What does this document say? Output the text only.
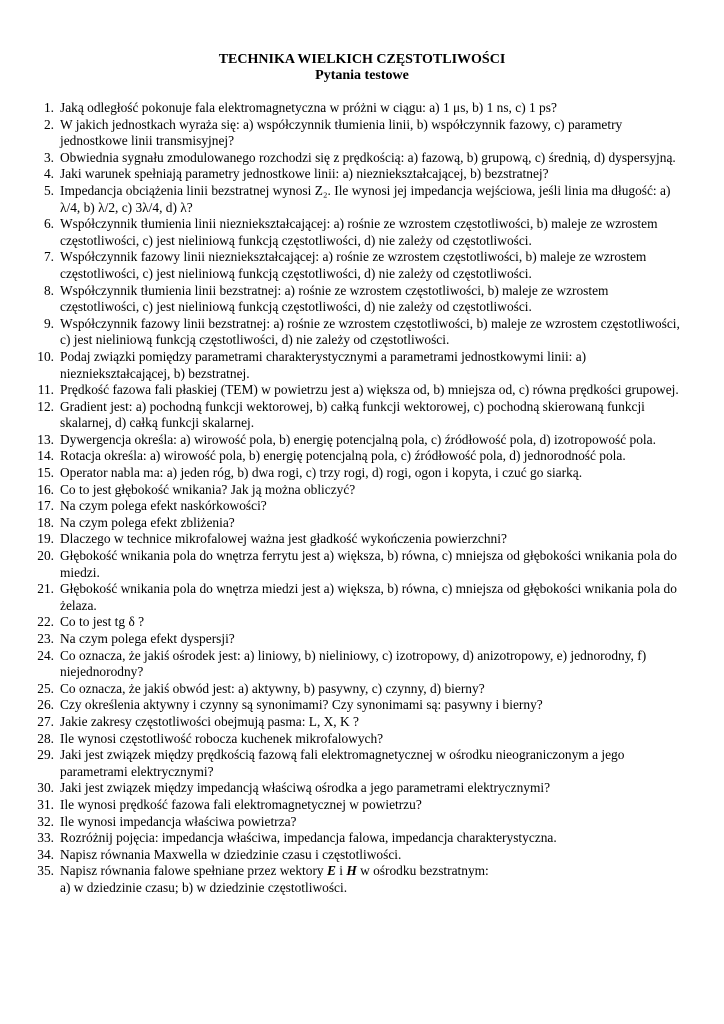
TECHNIKA WIELKICH CZĘSTOTLIWOŚCI
Pytania testowe
1. Jaką odległość pokonuje fala elektromagnetyczna w próżni w ciągu: a) 1 μs, b) 1 ns, c) 1 ps?
2. W jakich jednostkach wyraża się: a) współczynnik tłumienia linii, b) współczynnik fazowy, c) parametry jednostkowe linii transmisyjnej?
3. Obwiednia sygnału zmodulowanego rozchodzi się z prędkością: a) fazową, b) grupową, c) średnią, d) dyspersyjną.
4. Jaki warunek spełniają parametry jednostkowe linii: a) niezniekształcającej, b) bezstratnej?
5. Impedancja obciążenia linii bezstratnej wynosi Z₂. Ile wynosi jej impedancja wejściowa, jeśli linia ma długość: a) λ/4, b) λ/2, c) 3λ/4, d) λ?
6. Współczynnik tłumienia linii niezniekształcającej: a) rośnie ze wzrostem częstotliwości, b) maleje ze wzrostem częstotliwości, c) jest nieliniową funkcją częstotliwości, d) nie zależy od częstotliwości.
7. Współczynnik fazowy linii niezniekształcającej: a) rośnie ze wzrostem częstotliwości, b) maleje ze wzrostem częstotliwości, c) jest nieliniową funkcją częstotliwości, d) nie zależy od częstotliwości.
8. Współczynnik tłumienia linii bezstratnej: a) rośnie ze wzrostem częstotliwości, b) maleje ze wzrostem częstotliwości, c) jest nieliniową funkcją częstotliwości, d) nie zależy od częstotliwości.
9. Współczynnik fazowy linii bezstratnej: a) rośnie ze wzrostem częstotliwości, b) maleje ze wzrostem częstotliwości, c) jest nieliniową funkcją częstotliwości, d) nie zależy od częstotliwości.
10. Podaj związki pomiędzy parametrami charakterystycznymi a parametrami jednostkowymi linii: a) niezniekształcającej, b) bezstratnej.
11. Prędkość fazowa fali płaskiej (TEM) w powietrzu jest a) większa od, b) mniejsza od, c) równa prędkości grupowej.
12. Gradient jest: a) pochodną funkcji wektorowej, b) całką funkcji wektorowej, c) pochodną skierowaną funkcji skalarnej, d) całką funkcji skalarnej.
13. Dywergencja określa: a) wirowość pola, b) energię potencjalną pola, c) źródłowość pola, d) izotropowość pola.
14. Rotacja określa: a) wirowość pola, b) energię potencjalną pola, c) źródłowość pola, d) jednorodność pola.
15. Operator nabla ma: a) jeden róg, b) dwa rogi, c) trzy rogi, d) rogi, ogon i kopyta, i czuć go siarką.
16. Co to jest głębokość wnikania? Jak ją można obliczyć?
17. Na czym polega efekt naskórkowości?
18. Na czym polega efekt zbliżenia?
19. Dlaczego w technice mikrofalowej ważna jest gładkość wykończenia powierzchni?
20. Głębokość wnikania pola do wnętrza ferrytu jest a) większa, b) równa, c) mniejsza od głębokości wnikania pola do miedzi.
21. Głębokość wnikania pola do wnętrza miedzi jest a) większa, b) równa, c) mniejsza od głębokości wnikania pola do żelaza.
22. Co to jest tg δ ?
23. Na czym polega efekt dyspersji?
24. Co oznacza, że jakiś ośrodek jest: a) liniowy, b) nieliniowy, c) izotropowy, d) anizotropowy, e) jednorodny, f) niejednorodny?
25. Co oznacza, że jakiś obwód jest: a) aktywny, b) pasywny, c) czynny, d) bierny?
26. Czy określenia aktywny i czynny są synonimami? Czy synonimami są: pasywny i bierny?
27. Jakie zakresy częstotliwości obejmują pasma: L, X, K ?
28. Ile wynosi częstotliwość robocza kuchenek mikrofalowych?
29. Jaki jest związek między prędkością fazową fali elektromagnetycznej w ośrodku nieograniczonym a jego parametrami elektrycznymi?
30. Jaki jest związek między impedancją właściwą ośrodka a jego parametrami elektrycznymi?
31. Ile wynosi prędkość fazowa fali elektromagnetycznej w powietrzu?
32. Ile wynosi impedancja właściwa powietrza?
33. Rozróżnij pojęcia: impedancja właściwa, impedancja falowa, impedancja charakterystyczna.
34. Napisz równania Maxwella w dziedzinie czasu i częstotliwości.
35. Napisz równania falowe spełniane przez wektory E i H w ośrodku bezstratnym:
a) w dziedzinie czasu; b) w dziedzinie częstotliwości.
